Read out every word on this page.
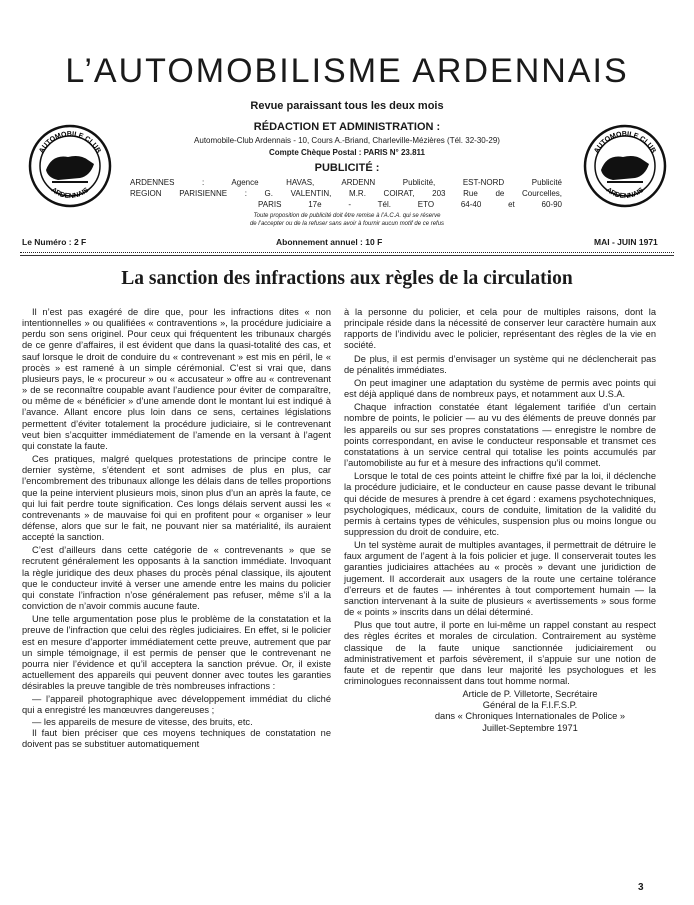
L’AUTOMOBILISME ARDENNAIS
Revue paraissant tous les deux mois
RÉDACTION ET ADMINISTRATION :
Automobile-Club Ardennais - 10, Cours A.-Briand, Charleville-Mézières (Tél. 32-30-29)
Compte Chèque Postal : PARIS N° 23.811
PUBLICITÉ :
ARDENNES : Agence HAVAS, ARDENN Publicité, EST-NORD Publicité
REGION PARISIENNE : G. VALENTIN, M.R. COIRAT, 203 Rue de Courcelles,
PARIS 17e - Tél. ETO 64-40 et 60-90
Toute proposition de publicité doit être remise à l’A.C.A. qui se réserve
de l’accepter ou de la refuser sans avoir à fournir aucun motif de ce refus
AUTOMOBILE CLUB
ARDENNAIS
AUTOMOBILE CLUB
ARDENNAIS
Le Numéro : 2 F	Abonnement annuel : 10 F	MAI - JUIN 1971
La sanction des infractions aux règles de la circulation

Il n’est pas exagéré de dire que, pour les infractions dites « non intentionnelles » ou qualifiées « contraventions », la procédure judiciaire a perdu son sens originel. Pour ceux qui fréquentent les tribunaux chargés de ce genre d’affaires, il est évident que dans la quasi-totalité des cas, et sauf lorsque le droit de conduire du « contrevenant » est mis en péril, le « procès » est ramené à un simple cérémonial. C’est si vrai que, dans plusieurs pays, le « procureur » ou « accusateur » offre au « contrevenant » de se reconnaître coupable avant l’audience pour éviter de comparaître, ou même de « bénéficier » d’une amende dont le montant lui est indiqué à l’avance. Allant encore plus loin dans ce sens, certaines législations permettent d’éviter totalement la procédure judiciaire, si le contrevenant veut bien s’acquitter immédiatement de l’amende en la versant à l’agent qui constate la faute.

Ces pratiques, malgré quelques protestations de principe contre le dernier système, s’étendent et sont admises de plus en plus, car l’encombrement des tribunaux allonge les délais dans de telles proportions que la peine intervient plusieurs mois, sinon plus d’un an après la faute, ce qui lui fait perdre toute signification. Ces longs délais servent aussi les « contrevenants » de mauvaise foi qui en profitent pour « organiser » leur défense, alors que sur le fait, ne pouvant nier sa matérialité, ils auraient accepté la sanction.

C’est d’ailleurs dans cette catégorie de « contrevenants » que se recrutent généralement les opposants à la sanction immédiate. Invoquant la règle juridique des deux phases du procès pénal classique, ils ajoutent que le conducteur invité à verser une amende entre les mains du policier qui constate l’infraction n’ose généralement pas refuser, même s’il a la conviction de n’avoir commis aucune faute.

Une telle argumentation pose plus le problème de la constatation et la preuve de l’infraction que celui des règles judiciaires. En effet, si le policier est en mesure d’apporter immédiatement cette preuve, autrement que par un simple témoignage, il est permis de penser que le contrevenant ne pourra nier l’évidence et qu’il acceptera la sanction prévue. Or, il existe actuellement des appareils qui peuvent donner avec toutes les garanties désirables la preuve tangible de très nombreuses infractions :

— l’appareil photographique avec développement immédiat du cliché qui a enregistré les manœuvres dangereuses ;

— les appareils de mesure de vitesse, des bruits, etc.

Il faut bien préciser que ces moyens techniques de constatation ne doivent pas se substituer automatiquement

à la personne du policier, et cela pour de multiples raisons, dont la principale réside dans la nécessité de conserver leur caractère humain aux rapports de l’individu avec le policier, représentant des règles de la vie en société.

De plus, il est permis d’envisager un système qui ne déclencherait pas de pénalités immédiates.

On peut imaginer une adaptation du système de permis avec points qui est déjà appliqué dans de nombreux pays, et notamment aux U.S.A.

Chaque infraction constatée étant légalement tarifiée d’un certain nombre de points, le policier — au vu des éléments de preuve donnés par les appareils ou sur ses propres constatations — enregistre le nombre de points correspondant, en avise le conducteur responsable et transmet ces constatations à un service central qui totalise les points accumulés par l’automobiliste au fur et à mesure des infractions qu’il commet.

Lorsque le total de ces points atteint le chiffre fixé par la loi, il déclenche la procédure judiciaire, et le conducteur en cause passe devant le tribunal qui décide de mesures à prendre à cet égard : examens psychotechniques, psychologiques, médicaux, cours de conduite, limitation de la validité du permis à certains types de véhicules, suspension plus ou moins longue ou suppression du droit de conduire, etc.

Un tel système aurait de multiples avantages, il permettrait de détruire le faux argument de l’agent à la fois policier et juge. Il conserverait toutes les garanties judiciaires attachées au « procès » devant une juridiction de jugement. Il accorderait aux usagers de la route une certaine tolérance d’erreurs et de fautes — inhérentes à tout comportement humain — la sanction intervenant à la suite de plusieurs « avertissements » sous forme de « points » inscrits dans un délai déterminé.

Plus que tout autre, il porte en lui-même un rappel constant au respect des règles écrites et morales de circulation. Contrairement au système classique de la faute unique sanctionnée judiciairement ou administrativement et parfois sévèrement, il s’appuie sur une notion de faute et de repentir que dans leur majorité les psychologues et les criminologues reconnaissent dans tout homme normal.

Article de P. Villetorte, Secrétaire
Général de la F.I.F.S.P.
dans « Chroniques Internationales de Police »
Juillet-Septembre 1971
3
